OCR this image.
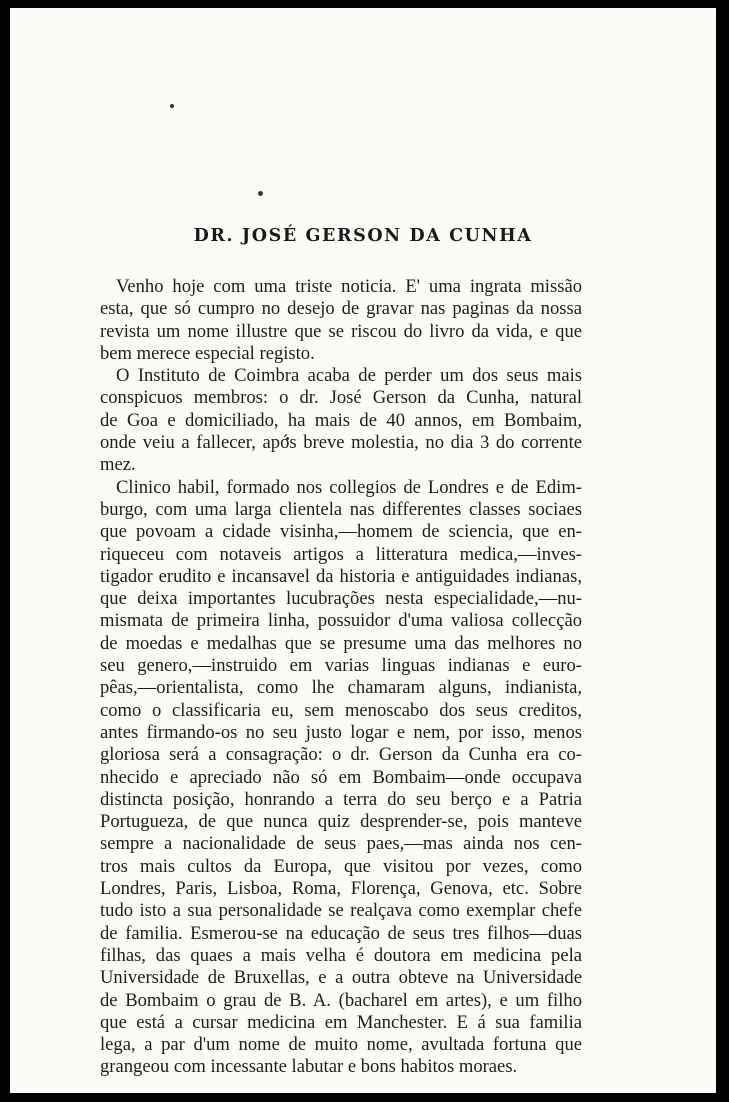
DR. JOSÉ GERSON DA CUNHA
Venho hoje com uma triste noticia. E' uma ingrata missão
esta, que só cumpro no desejo de gravar nas paginas da nossa
revista um nome illustre que se riscou do livro da vida, e que
bem merece especial registo.
O Instituto de Coimbra acaba de perder um dos seus mais
conspicuos membros: o dr. José Gerson da Cunha, natural
de Goa e domiciliado, ha mais de 40 annos, em Bombaim,
onde veiu a fallecer, após breve molestia, no dia 3 do corrente
mez.
Clinico habil, formado nos collegios de Londres e de Edim-
burgo, com uma larga clientela nas differentes classes sociaes
que povoam a cidade visinha,—homem de sciencia, que en-
riqueceu com notaveis artigos a litteratura medica,—inves-
tigador erudito e incansavel da historia e antiguidades indianas,
que deixa importantes lucubrações nesta especialidade,—nu-
mismata de primeira linha, possuidor d'uma valiosa collecção
de moedas e medalhas que se presume uma das melhores no
seu genero,—instruido em varias linguas indianas e euro-
pêas,—orientalista, como lhe chamaram alguns, indianista,
como o classificaria eu, sem menoscabo dos seus creditos,
antes firmando-os no seu justo logar e nem, por isso, menos
gloriosa será a consagração: o dr. Gerson da Cunha era co-
nhecido e apreciado não só em Bombaim—onde occupava
distincta posição, honrando a terra do seu berço e a Patria
Portugueza, de que nunca quiz desprender-se, pois manteve
sempre a nacionalidade de seus paes,—mas ainda nos cen-
tros mais cultos da Europa, que visitou por vezes, como
Londres, Paris, Lisboa, Roma, Florença, Genova, etc. Sobre
tudo isto a sua personalidade se realçava como exemplar chefe
de familia. Esmerou-se na educação de seus tres filhos—duas
filhas, das quaes a mais velha é doutora em medicina pela
Universidade de Bruxellas, e a outra obteve na Universidade
de Bombaim o grau de B. A. (bacharel em artes), e um filho
que está a cursar medicina em Manchester. E á sua familia
lega, a par d'um nome de muito nome, avultada fortuna que
grangeou com incessante labutar e bons habitos moraes.
